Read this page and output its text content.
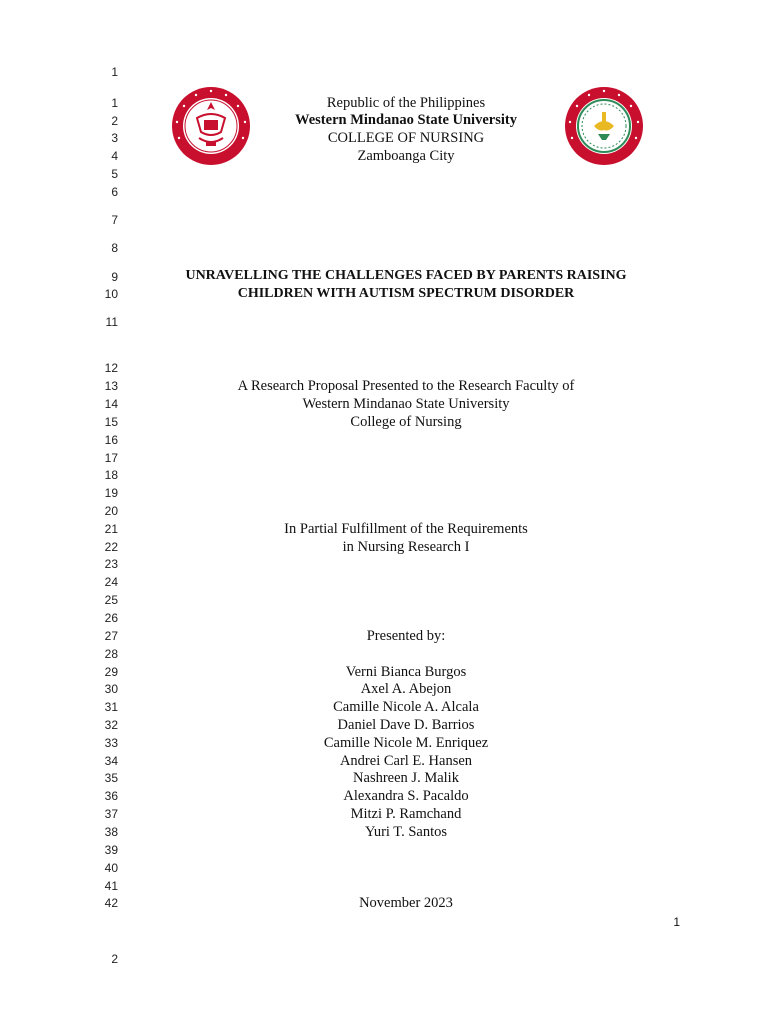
1
1
2
3
4
5
6
7
8
9
10
11
12
13
14
15
16
17
18
19
20
21
22
23
24
25
26
27
28
29
30
31
32
33
34
35
36
37
38
39
40
41
42
2
Republic of the Philippines
Western Mindanao State University
COLLEGE OF NURSING
Zamboanga City
UNRAVELLING THE CHALLENGES FACED BY PARENTS RAISING
CHILDREN WITH AUTISM SPECTRUM DISORDER
A Research Proposal Presented to the Research Faculty of
Western Mindanao State University
College of Nursing
In Partial Fulfillment of the Requirements
in Nursing Research I
Presented by:
Verni Bianca Burgos
Axel A. Abejon
Camille Nicole A. Alcala
Daniel Dave D. Barrios
Camille Nicole M. Enriquez
Andrei Carl E. Hansen
Nashreen J. Malik
Alexandra S. Pacaldo
Mitzi P. Ramchand
Yuri T. Santos
November 2023
1
